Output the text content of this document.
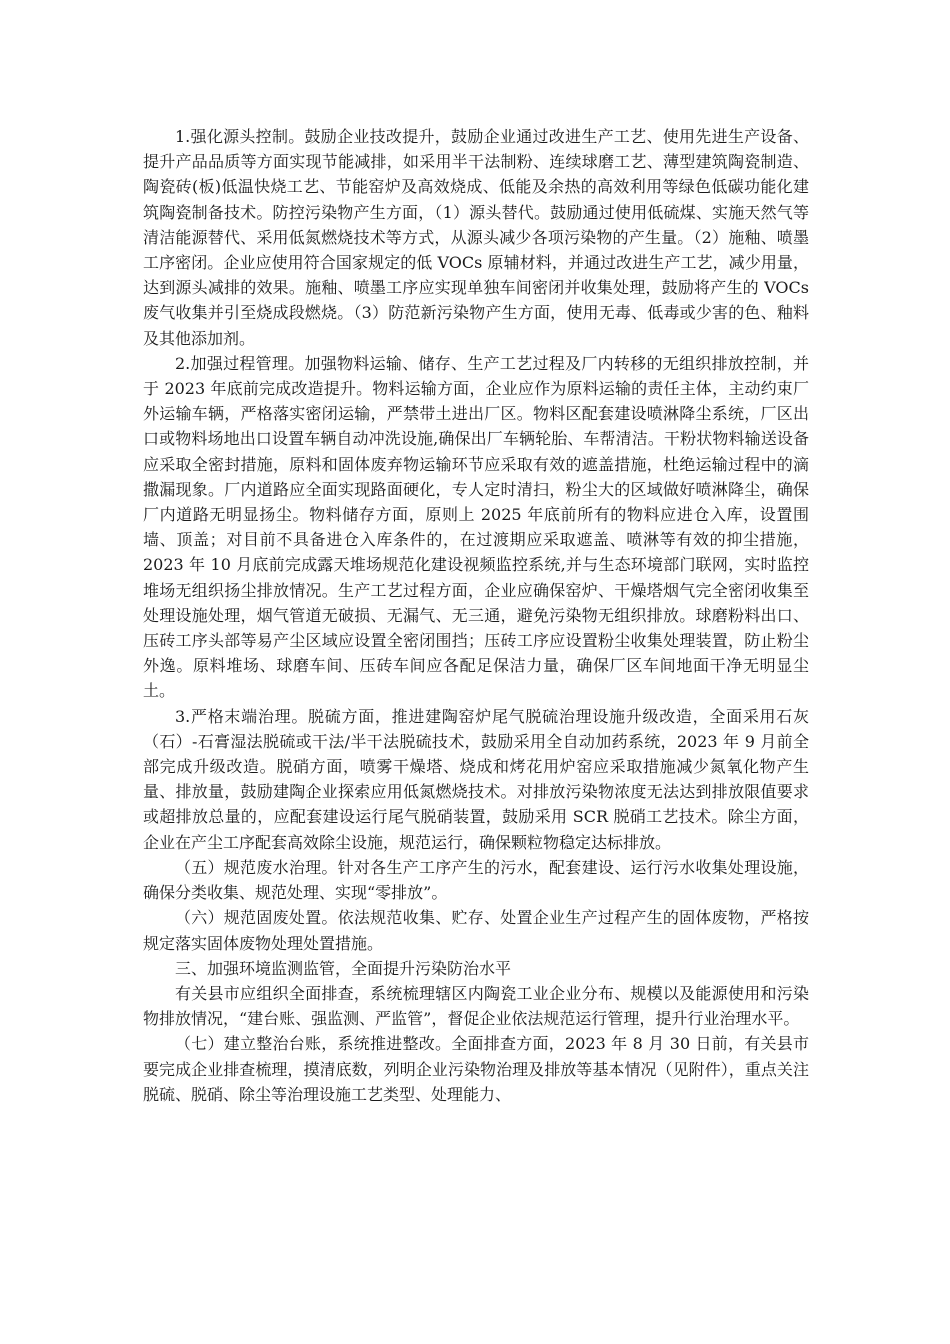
1.强化源头控制。鼓励企业技改提升，鼓励企业通过改进生产工艺、使用先进生产设备、提升产品品质等方面实现节能减排，如采用半干法制粉、连续球磨工艺、薄型建筑陶瓷制造、陶瓷砖(板)低温快烧工艺、节能窑炉及高效烧成、低能及余热的高效利用等绿色低碳功能化建筑陶瓷制备技术。防控污染物产生方面，（1）源头替代。鼓励通过使用低硫煤、实施天然气等清洁能源替代、采用低氮燃烧技术等方式，从源头减少各项污染物的产生量。（2）施釉、喷墨工序密闭。企业应使用符合国家规定的低 VOCs 原辅材料，并通过改进生产工艺，减少用量，达到源头减排的效果。施釉、喷墨工序应实现单独车间密闭并收集处理，鼓励将产生的 VOCs 废气收集并引至烧成段燃烧。（3）防范新污染物产生方面，使用无毒、低毒或少害的色、釉料及其他添加剂。

2.加强过程管理。加强物料运输、储存、生产工艺过程及厂内转移的无组织排放控制，并于 2023 年底前完成改造提升。物料运输方面，企业应作为原料运输的责任主体，主动约束厂外运输车辆，严格落实密闭运输，严禁带土进出厂区。物料区配套建设喷淋降尘系统，厂区出口或物料场地出口设置车辆自动冲洗设施,确保出厂车辆轮胎、车帮清洁。干粉状物料输送设备应采取全密封措施，原料和固体废弃物运输环节应采取有效的遮盖措施，杜绝运输过程中的滴撒漏现象。厂内道路应全面实现路面硬化，专人定时清扫，粉尘大的区域做好喷淋降尘，确保厂内道路无明显扬尘。物料储存方面，原则上 2025 年底前所有的物料应进仓入库，设置围墙、顶盖；对目前不具备进仓入库条件的，在过渡期应采取遮盖、喷淋等有效的抑尘措施，2023 年 10 月底前完成露天堆场规范化建设视频监控系统,并与生态环境部门联网，实时监控堆场无组织扬尘排放情况。生产工艺过程方面，企业应确保窑炉、干燥塔烟气完全密闭收集至处理设施处理，烟气管道无破损、无漏气、无三通，避免污染物无组织排放。球磨粉料出口、压砖工序头部等易产尘区域应设置全密闭围挡；压砖工序应设置粉尘收集处理装置，防止粉尘外逸。原料堆场、球磨车间、压砖车间应各配足保洁力量，确保厂区车间地面干净无明显尘土。

3.严格末端治理。脱硫方面，推进建陶窑炉尾气脱硫治理设施升级改造，全面采用石灰（石）-石膏湿法脱硫或干法/半干法脱硫技术，鼓励采用全自动加药系统，2023 年 9 月前全部完成升级改造。脱硝方面，喷雾干燥塔、烧成和烤花用炉窑应采取措施减少氮氧化物产生量、排放量，鼓励建陶企业探索应用低氮燃烧技术。对排放污染物浓度无法达到排放限值要求或超排放总量的，应配套建设运行尾气脱硝装置，鼓励采用 SCR 脱硝工艺技术。除尘方面，企业在产尘工序配套高效除尘设施，规范运行，确保颗粒物稳定达标排放。

（五）规范废水治理。针对各生产工序产生的污水，配套建设、运行污水收集处理设施，确保分类收集、规范处理、实现“零排放”。

（六）规范固废处置。依法规范收集、贮存、处置企业生产过程产生的固体废物，严格按规定落实固体废物处理处置措施。

三、加强环境监测监管，全面提升污染防治水平

有关县市应组织全面排查，系统梳理辖区内陶瓷工业企业分布、规模以及能源使用和污染物排放情况，“建台账、强监测、严监管”，督促企业依法规范运行管理，提升行业治理水平。

（七）建立整治台账，系统推进整改。全面排查方面，2023 年 8 月 30 日前，有关县市要完成企业排查梳理，摸清底数，列明企业污染物治理及排放等基本情况（见附件），重点关注脱硫、脱硝、除尘等治理设施工艺类型、处理能力、
